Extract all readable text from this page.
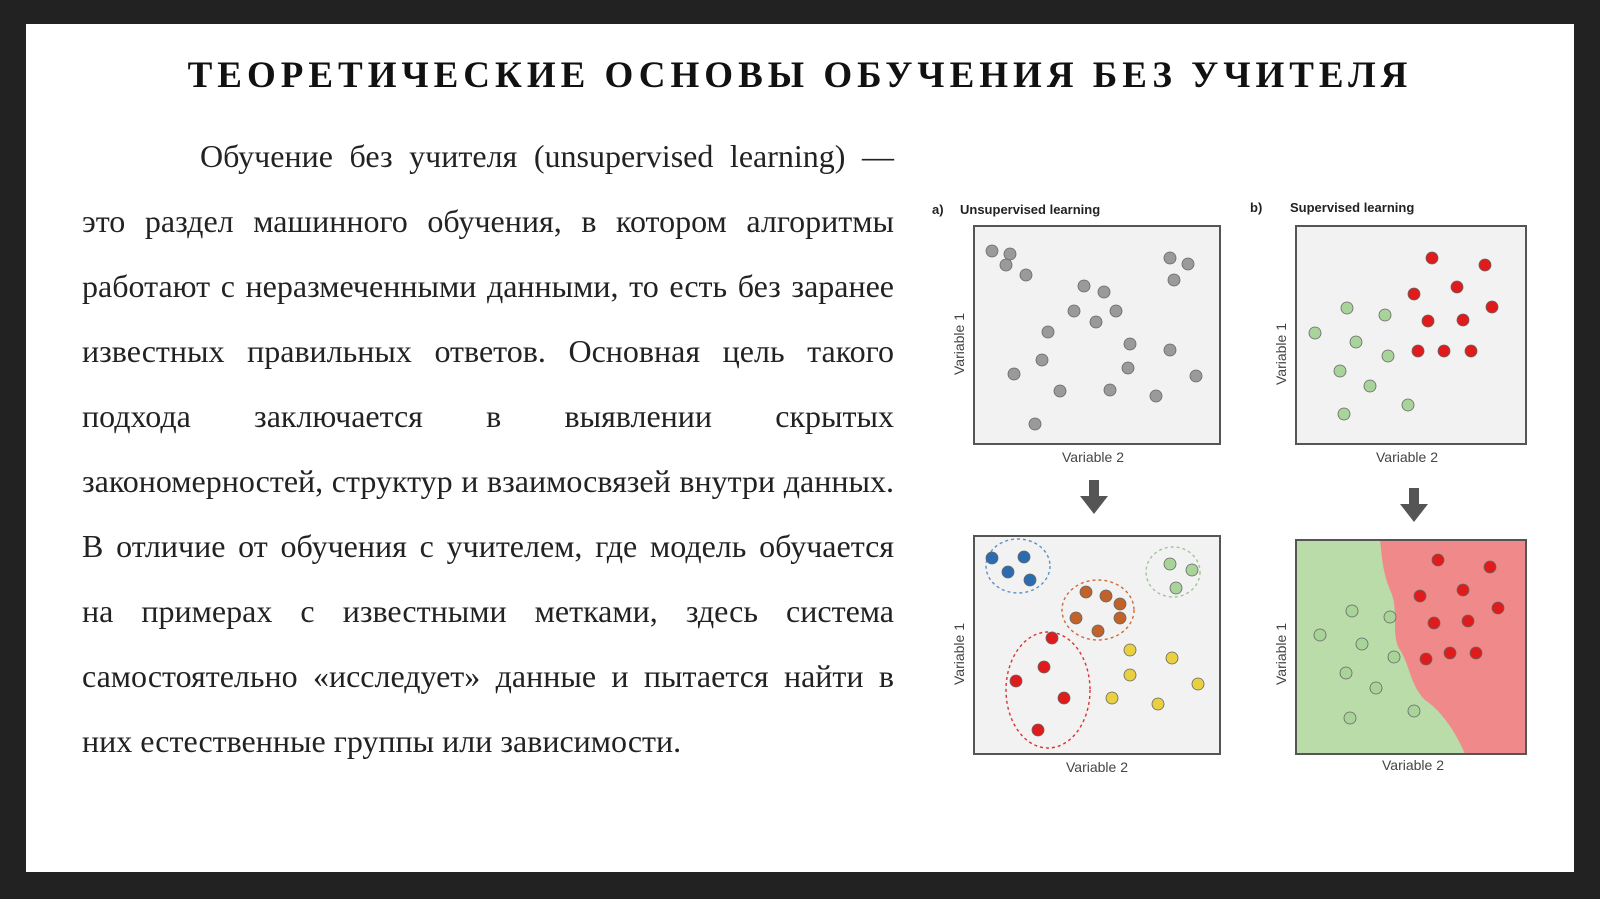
ТЕОРЕТИЧЕСКИЕ ОСНОВЫ ОБУЧЕНИЯ БЕЗ УЧИТЕЛЯ

Обучение без учителя (unsupervised learning) — это раздел машинного обучения, в котором алгоритмы работают с неразмеченными данными, то есть без заранее известных правильных ответов. Основная цель такого подхода заключается в выявлении скрытых закономерностей, структур и взаимосвязей внутри данных. В отличие от обучения с учителем, где модель обучается на примерах с известными метками, здесь система самостоятельно «исследует» данные и пытается найти в них естественные группы или зависимости.

a) Unsupervised learning	b) Supervised learning
Variable 2
Variable 1
Variable 2
Variable 1
Variable 2
Variable 1
Variable 2
Variable 1
